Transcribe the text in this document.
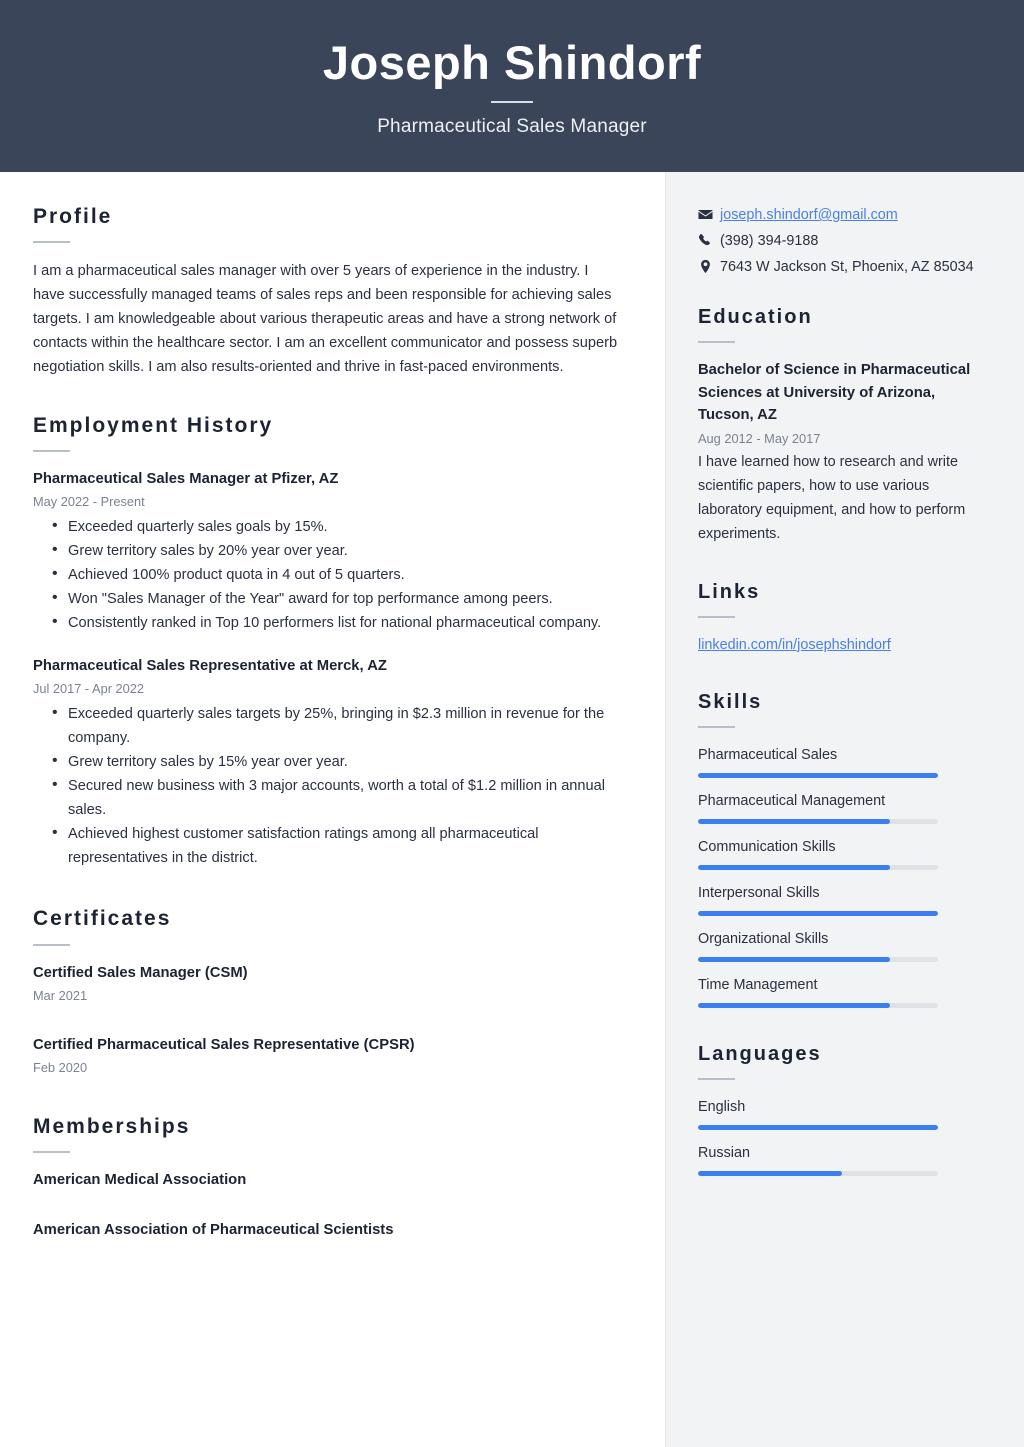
Joseph Shindorf
Pharmaceutical Sales Manager
Profile
I am a pharmaceutical sales manager with over 5 years of experience in the industry. I have successfully managed teams of sales reps and been responsible for achieving sales targets. I am knowledgeable about various therapeutic areas and have a strong network of contacts within the healthcare sector. I am an excellent communicator and possess superb negotiation skills. I am also results-oriented and thrive in fast-paced environments.
Employment History
Pharmaceutical Sales Manager at Pfizer, AZ
May 2022 - Present
• Exceeded quarterly sales goals by 15%.
• Grew territory sales by 20% year over year.
• Achieved 100% product quota in 4 out of 5 quarters.
• Won "Sales Manager of the Year" award for top performance among peers.
• Consistently ranked in Top 10 performers list for national pharmaceutical company.
Pharmaceutical Sales Representative at Merck, AZ
Jul 2017 - Apr 2022
• Exceeded quarterly sales targets by 25%, bringing in $2.3 million in revenue for the company.
• Grew territory sales by 15% year over year.
• Secured new business with 3 major accounts, worth a total of $1.2 million in annual sales.
• Achieved highest customer satisfaction ratings among all pharmaceutical representatives in the district.
Certificates
Certified Sales Manager (CSM)
Mar 2021
Certified Pharmaceutical Sales Representative (CPSR)
Feb 2020
Memberships
American Medical Association
American Association of Pharmaceutical Scientists
joseph.shindorf@gmail.com
(398) 394-9188
7643 W Jackson St, Phoenix, AZ 85034
Education
Bachelor of Science in Pharmaceutical Sciences at University of Arizona, Tucson, AZ
Aug 2012 - May 2017
I have learned how to research and write scientific papers, how to use various laboratory equipment, and how to perform experiments.
Links
linkedin.com/in/josephshindorf
Skills
Pharmaceutical Sales
Pharmaceutical Management
Communication Skills
Interpersonal Skills
Organizational Skills
Time Management
Languages
English
Russian
